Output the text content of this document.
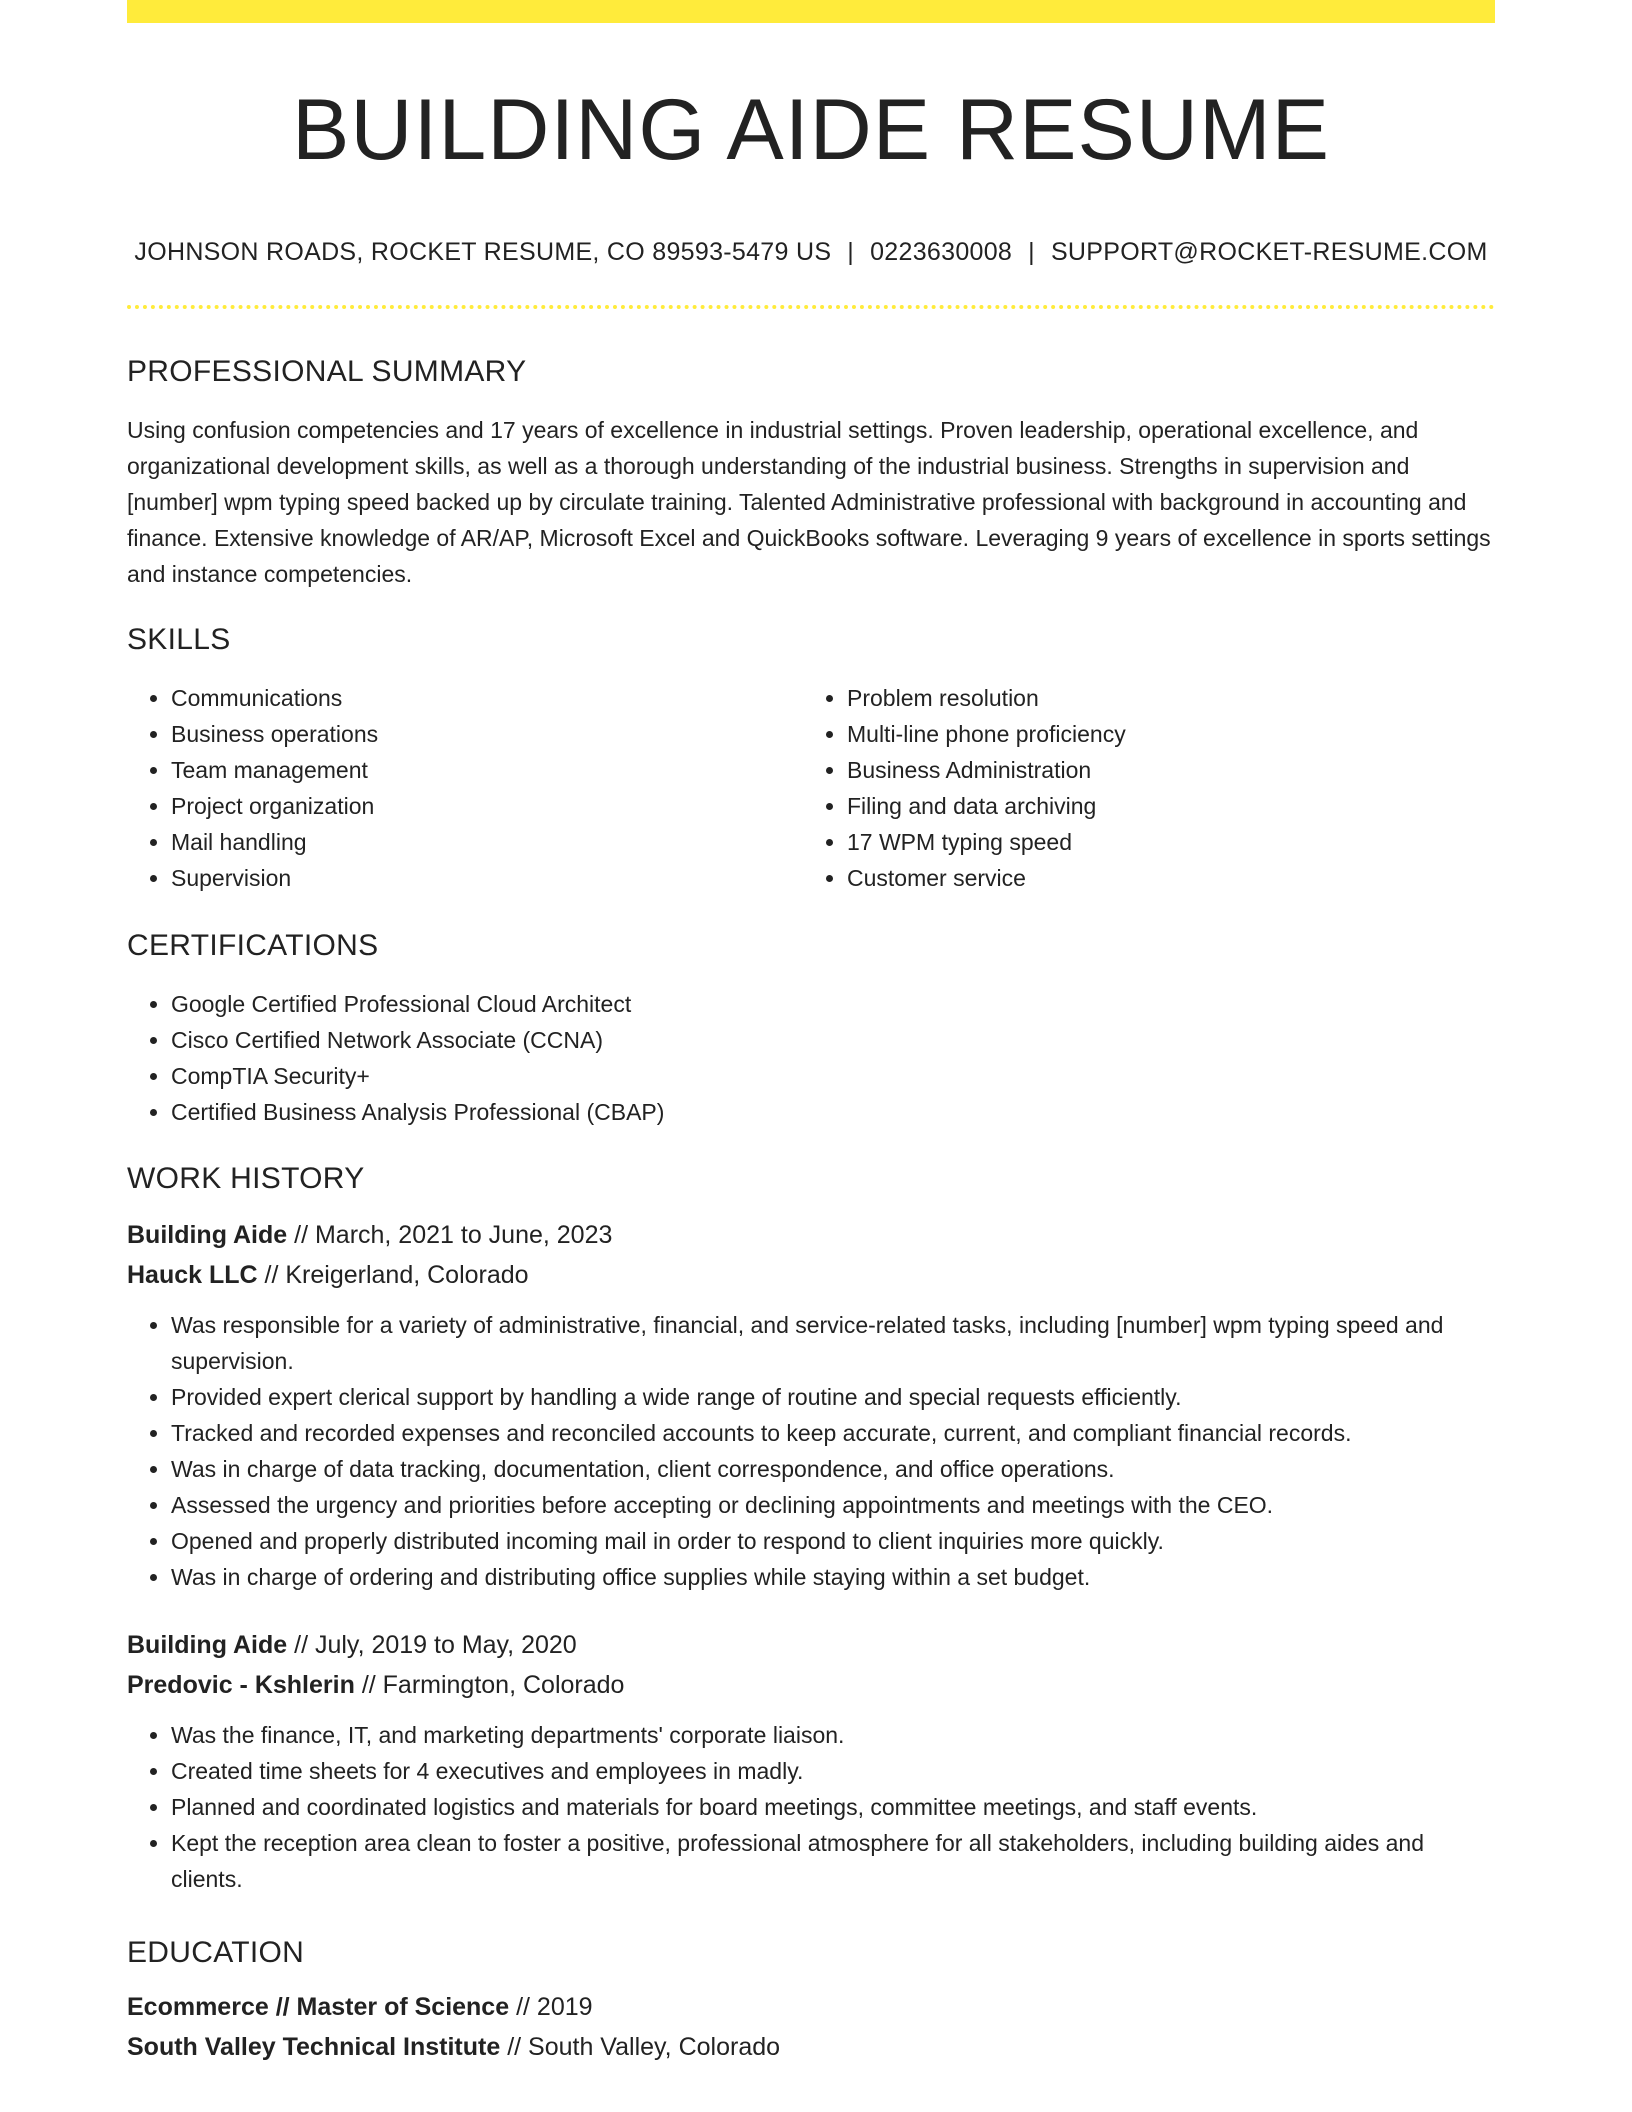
BUILDING AIDE RESUME
JOHNSON ROADS, ROCKET RESUME, CO 89593-5479 US | 0223630008 | SUPPORT@ROCKET-RESUME.COM
PROFESSIONAL SUMMARY

Using confusion competencies and 17 years of excellence in industrial settings. Proven leadership, operational excellence, and organizational development skills, as well as a thorough understanding of the industrial business. Strengths in supervision and [number] wpm typing speed backed up by circulate training. Talented Administrative professional with background in accounting and finance. Extensive knowledge of AR/AP, Microsoft Excel and QuickBooks software. Leveraging 9 years of excellence in sports settings and instance competencies.

SKILLS
• Communications
• Business operations
• Team management
• Project organization
• Mail handling
• Supervision
• Problem resolution
• Multi-line phone proficiency
• Business Administration
• Filing and data archiving
• 17 WPM typing speed
• Customer service
CERTIFICATIONS
• Google Certified Professional Cloud Architect
• Cisco Certified Network Associate (CCNA)
• CompTIA Security+
• Certified Business Analysis Professional (CBAP)
WORK HISTORY

Building Aide // March, 2021 to June, 2023

Hauck LLC // Kreigerland, Colorado

• Was responsible for a variety of administrative, financial, and service-related tasks, including [number] wpm typing speed and supervision.
• Provided expert clerical support by handling a wide range of routine and special requests efficiently.
• Tracked and recorded expenses and reconciled accounts to keep accurate, current, and compliant financial records.
• Was in charge of data tracking, documentation, client correspondence, and office operations.
• Assessed the urgency and priorities before accepting or declining appointments and meetings with the CEO.
• Opened and properly distributed incoming mail in order to respond to client inquiries more quickly.
• Was in charge of ordering and distributing office supplies while staying within a set budget.

Building Aide // July, 2019 to May, 2020

Predovic - Kshlerin // Farmington, Colorado

• Was the finance, IT, and marketing departments' corporate liaison.
• Created time sheets for 4 executives and employees in madly.
• Planned and coordinated logistics and materials for board meetings, committee meetings, and staff events.
• Kept the reception area clean to foster a positive, professional atmosphere for all stakeholders, including building aides and clients.
EDUCATION

Ecommerce // Master of Science // 2019

South Valley Technical Institute // South Valley, Colorado
